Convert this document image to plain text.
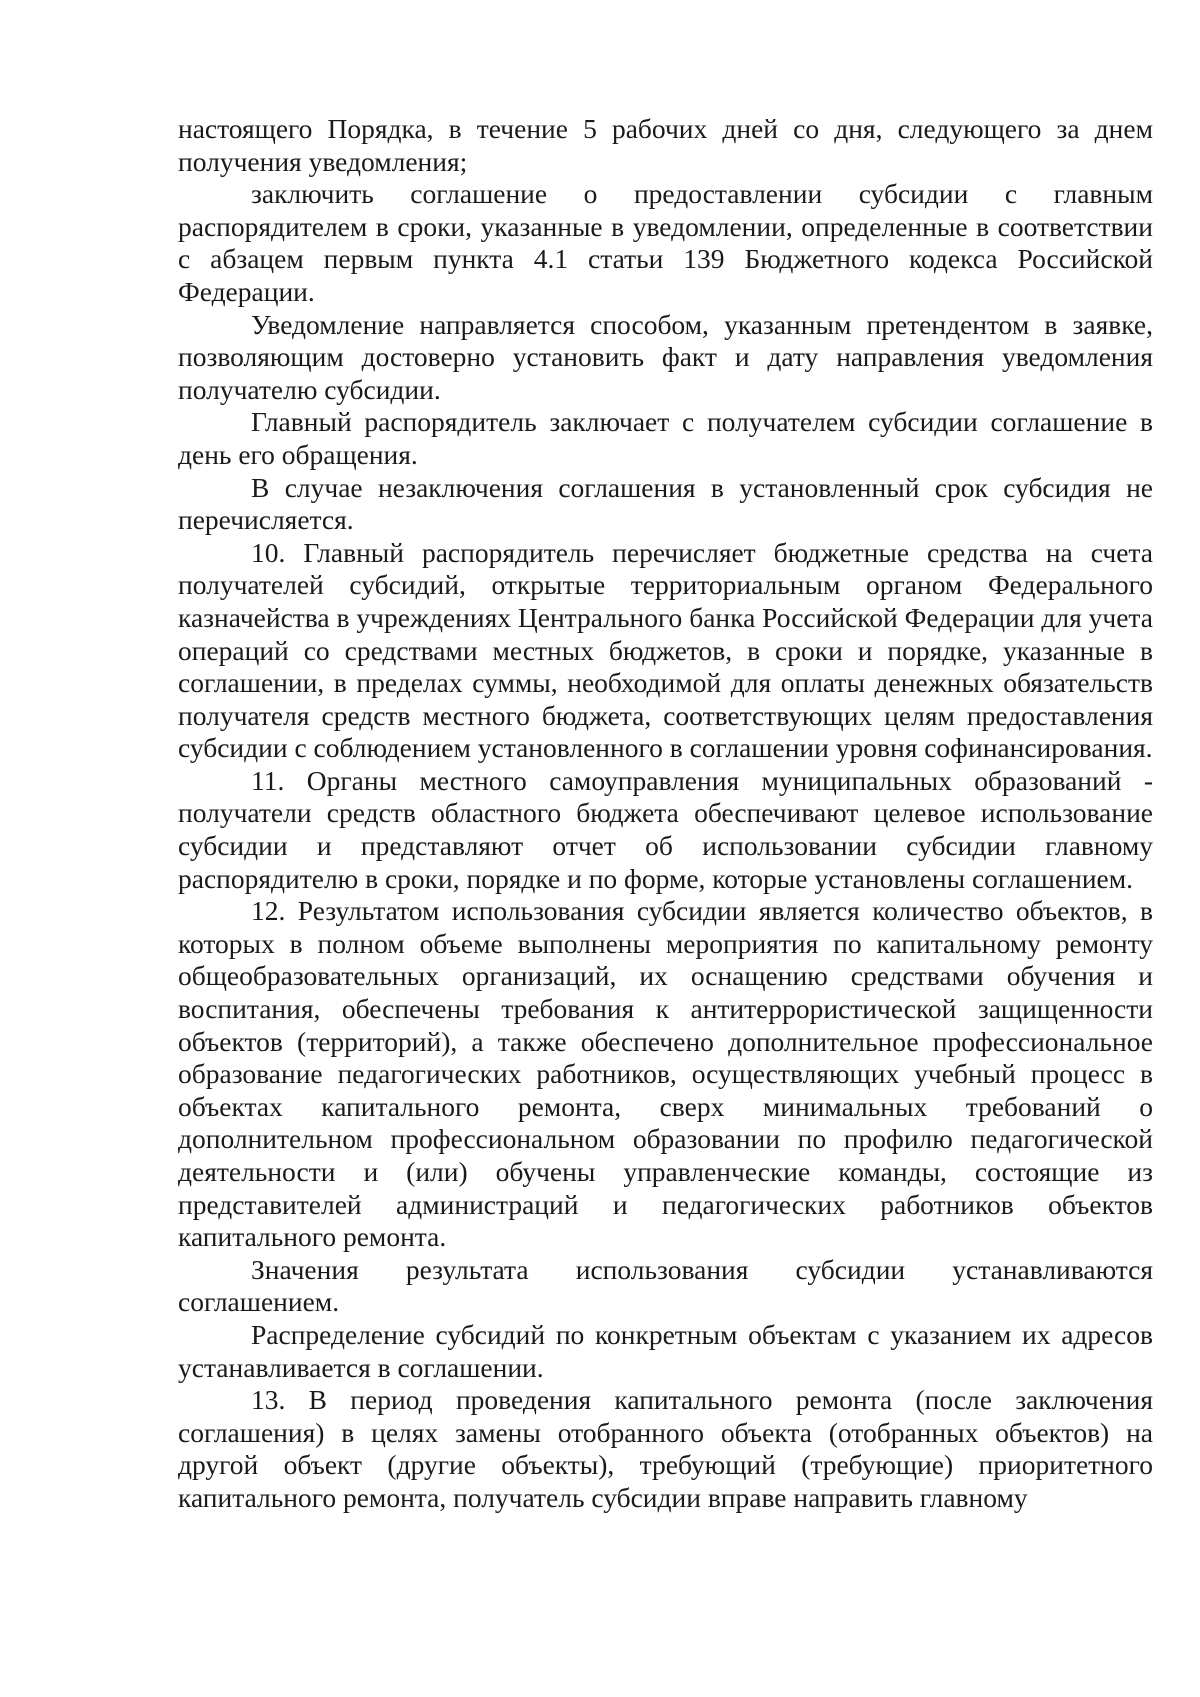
настоящего Порядка, в течение 5 рабочих дней со дня, следующего за днем получения уведомления;

заключить соглашение о предоставлении субсидии с главным распорядителем в сроки, указанные в уведомлении, определенные в соответствии с абзацем первым пункта 4.1 статьи 139 Бюджетного кодекса Российской Федерации.

Уведомление направляется способом, указанным претендентом в заявке, позволяющим достоверно установить факт и дату направления уведомления получателю субсидии.

Главный распорядитель заключает с получателем субсидии соглашение в день его обращения.

В случае незаключения соглашения в установленный срок субсидия не перечисляется.

10. Главный распорядитель перечисляет бюджетные средства на счета получателей субсидий, открытые территориальным органом Федерального казначейства в учреждениях Центрального банка Российской Федерации для учета операций со средствами местных бюджетов, в сроки и порядке, указанные в соглашении, в пределах суммы, необходимой для оплаты денежных обязательств получателя средств местного бюджета, соответствующих целям предоставления субсидии с соблюдением установленного в соглашении уровня софинансирования.

11. Органы местного самоуправления муниципальных образований - получатели средств областного бюджета обеспечивают целевое использование субсидии и представляют отчет об использовании субсидии главному распорядителю в сроки, порядке и по форме, которые установлены соглашением.

12. Результатом использования субсидии является количество объектов, в которых в полном объеме выполнены мероприятия по капитальному ремонту общеобразовательных организаций, их оснащению средствами обучения и воспитания, обеспечены требования к антитеррористической защищенности объектов (территорий), а также обеспечено дополнительное профессиональное образование педагогических работников, осуществляющих учебный процесс в объектах капитального ремонта, сверх минимальных требований о дополнительном профессиональном образовании по профилю педагогической деятельности и (или) обучены управленческие команды, состоящие из представителей администраций и педагогических работников объектов капитального ремонта.

Значения результата использования субсидии устанавливаются соглашением.

Распределение субсидий по конкретным объектам с указанием их адресов устанавливается в соглашении.

13. В период проведения капитального ремонта (после заключения соглашения) в целях замены отобранного объекта (отобранных объектов) на другой объект (другие объекты), требующий (требующие) приоритетного капитального ремонта, получатель субсидии вправе направить главному
